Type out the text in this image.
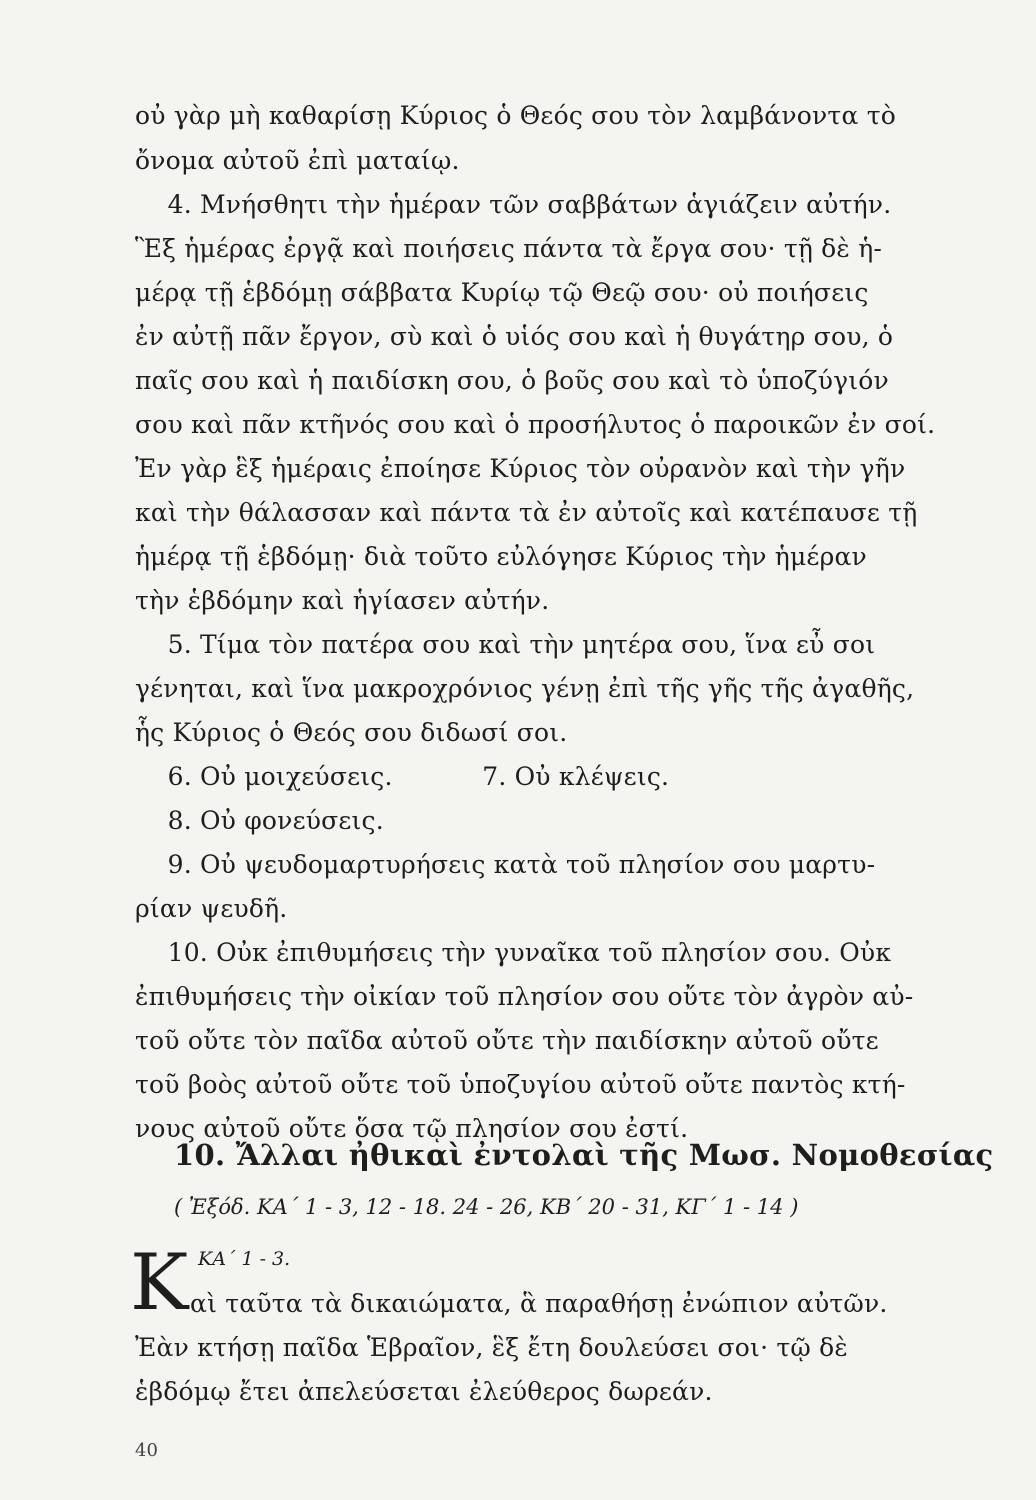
οὐ γὰρ μὴ καθαρίσῃ Κύριος ὁ Θεός σου τὸν λαμβάνοντα τὸ
ὄνομα αὐτοῦ ἐπὶ ματαίῳ.
4. Μνήσθητι τὴν ἡμέραν τῶν σαββάτων ἁγιάζειν αὐτήν.
Ἓξ ἡμέρας ἐργᾷ καὶ ποιήσεις πάντα τὰ ἔργα σου· τῇ δὲ ἡ-
μέρᾳ τῇ ἑβδόμῃ σάββατα Κυρίῳ τῷ Θεῷ σου· οὐ ποιήσεις
ἐν αὐτῇ πᾶν ἔργον, σὺ καὶ ὁ υἱός σου καὶ ἡ θυγάτηρ σου, ὁ
παῖς σου καὶ ἡ παιδίσκη σου, ὁ βοῦς σου καὶ τὸ ὑποζύγιόν
σου καὶ πᾶν κτῆνός σου καὶ ὁ προσήλυτος ὁ παροικῶν ἐν σοί.
Ἐν γὰρ ἓξ ἡμέραις ἐποίησε Κύριος τὸν οὐρανὸν καὶ τὴν γῆν
καὶ τὴν θάλασσαν καὶ πάντα τὰ ἐν αὐτοῖς καὶ κατέπαυσε τῇ
ἡμέρᾳ τῇ ἑβδόμῃ· διὰ τοῦτο εὐλόγησε Κύριος τὴν ἡμέραν
τὴν ἑβδόμην καὶ ἡγίασεν αὐτήν.
5. Τίμα τὸν πατέρα σου καὶ τὴν μητέρα σου, ἵνα εὖ σοι
γένηται, καὶ ἵνα μακροχρόνιος γένῃ ἐπὶ τῆς γῆς τῆς ἀγαθῆς,
ἧς Κύριος ὁ Θεός σου διδωσί σοι.
6. Οὐ μοιχεύσεις.           7. Οὐ κλέψεις.
8. Οὐ φονεύσεις.
9. Οὐ ψευδομαρτυρήσεις κατὰ τοῦ πλησίον σου μαρτυ-
ρίαν ψευδῆ.
10. Οὐκ ἐπιθυμήσεις τὴν γυναῖκα τοῦ πλησίον σου. Οὐκ
ἐπιθυμήσεις τὴν οἰκίαν τοῦ πλησίον σου οὔτε τὸν ἀγρὸν αὐ-
τοῦ οὔτε τὸν παῖδα αὐτοῦ οὔτε τὴν παιδίσκην αὐτοῦ οὔτε
τοῦ βοὸς αὐτοῦ οὔτε τοῦ ὑποζυγίου αὐτοῦ οὔτε παντὸς κτή-
νους αὐτοῦ οὔτε ὅσα τῷ πλησίον σου ἐστί.
10. Ἄλλαι ἠθικαὶ ἐντολαὶ τῆς Μωσ. Νομοθεσίας
( Ἐξόδ. ΚΑ΄ 1 - 3, 12 - 18. 24 - 26, ΚΒ΄ 20 - 31, ΚΓ΄ 1 - 14 )
K ΚΑ΄ 1 - 3.
αὶ ταῦτα τὰ δικαιώματα, ἃ παραθήσῃ ἐνώπιον αὐτῶν.
Ἐὰν κτήσῃ παῖδα Ἑβραῖον, ἓξ ἔτη δουλεύσει σοι· τῷ δὲ
ἑβδόμῳ ἔτει ἀπελεύσεται ἐλεύθερος δωρεάν.
40
